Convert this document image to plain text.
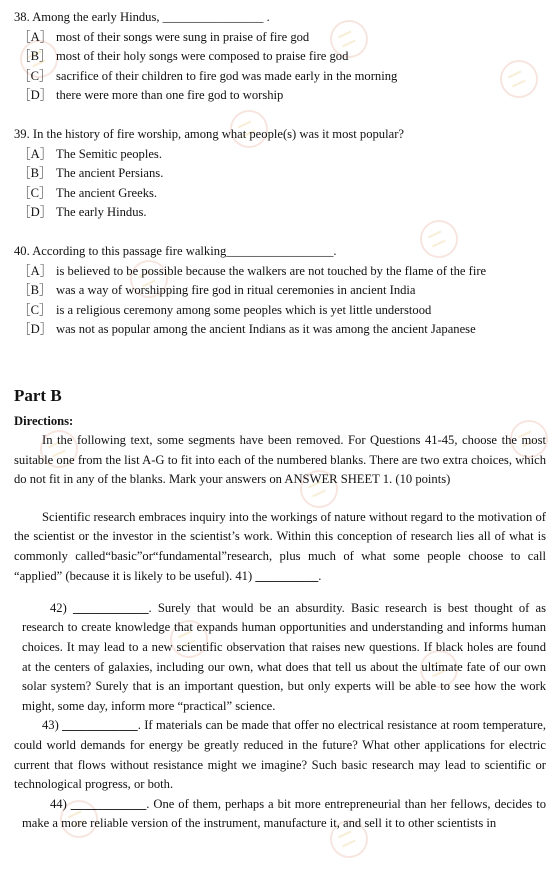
38. Among the early Hindus, ________________ .

［A］ most of their songs were sung in praise of fire god
［B］ most of their holy songs were composed to praise fire god
［C］ sacrifice of their children to fire god was made early in the morning
［D］ there were more than one fire god to worship

39. In the history of fire worship, among what people(s) was it most popular?

［A］ The Semitic peoples.
［B］ The ancient Persians.
［C］ The ancient Greeks.
［D］ The early Hindus.

40. According to this passage fire walking_________________.

［A］ is believed to be possible because the walkers are not touched by the flame of the fire
［B］ was a way of worshipping fire god in ritual ceremonies in ancient India
［C］ is a religious ceremony among some peoples which is yet little understood
［D］ was not as popular among the ancient Indians as it was among the ancient Japanese
Part B
Directions:

In the following text, some segments have been removed. For Questions 41-45, choose the most suitable one from the list A-G to fit into each of the numbered blanks. There are two extra choices, which do not fit in any of the blanks. Mark your answers on ANSWER SHEET 1. (10 points)

Scientific research embraces inquiry into the workings of nature without regard to the motivation of the scientist or the investor in the scientist’s work. Within this conception of research lies all of what is commonly called“basic”or“fundamental”research, plus much of what some people choose to call “applied” (because it is likely to be useful). 41) __________.

42) ____________. Surely that would be an absurdity. Basic research is best thought of as research to create knowledge that expands human opportunities and understanding and informs human choices. It may lead to a new scientific observation that raises new questions. If black holes are found at the centers of galaxies, including our own, what does that tell us about the ultimate fate of our own solar system? Surely that is an important question, but only experts will be able to see how the work might, some day, inform more “practical” science.

43) ____________. If materials can be made that offer no electrical resistance at room temperature, could world demands for energy be greatly reduced in the future? What other applications for electric current that flows without resistance might we imagine? Such basic research may lead to scientific or technological progress, or both.

44) ____________. One of them, perhaps a bit more entrepreneurial than her fellows, decides to make a more reliable version of the instrument, manufacture it, and sell it to other scientists in
